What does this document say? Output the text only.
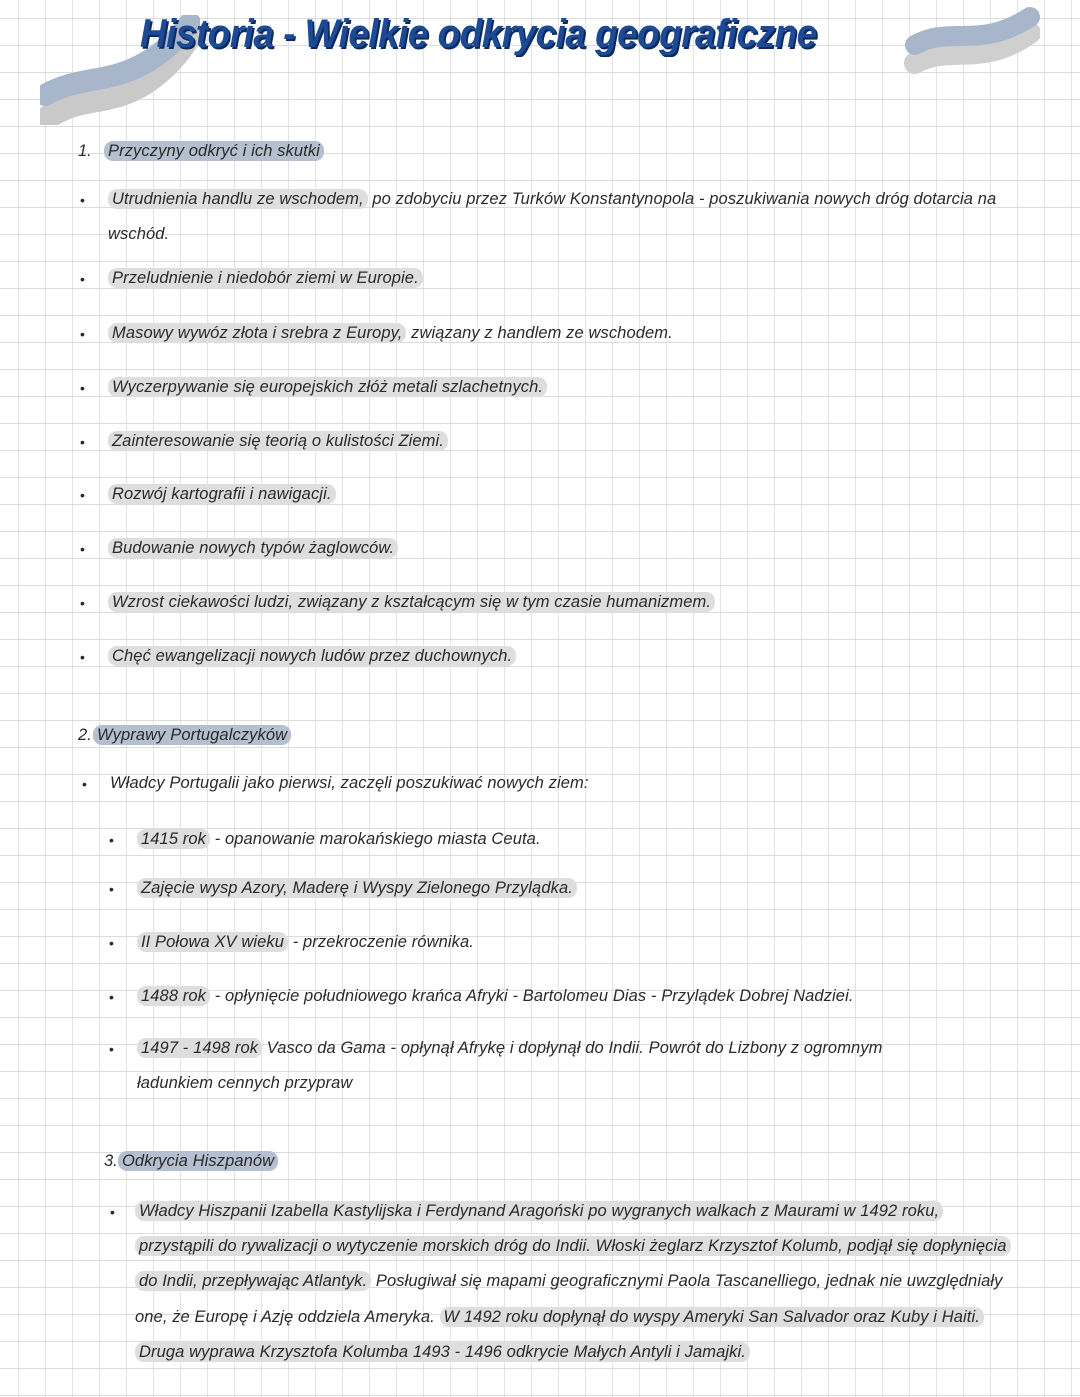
Historia - Wielkie odkrycia geograficzne
1. Przyczyny odkryć i ich skutki
2. Wyprawy Portugalczyków
• Władcy Portugalii jako pierwsi, zaczęli poszukiwać nowych ziem:
3. Odkrycia Hiszpanów
•
• Utrudnienia handlu ze wschodem, po zdobyciu przez Turków Konstantynopola - poszukiwania nowych dróg dotarcia na
wschód.
• Przeludnienie i niedobór ziemi w Europie.
• Masowy wywóz złota i srebra z Europy, związany z handlem ze wschodem.
• Wyczerpywanie się europejskich złóż metali szlachetnych.
• Zainteresowanie się teorią o kulistości Ziemi.
• Rozwój kartografii i nawigacji.
• Budowanie nowych typów żaglowców.
• Wzrost ciekawości ludzi, związany z kształcącym się w tym czasie humanizmem.
• Chęć ewangelizacji nowych ludów przez duchownych.
• 1415 rok - opanowanie marokańskiego miasta Ceuta.
• Zajęcie wysp Azory, Maderę i Wyspy Zielonego Przylądka.
• II Połowa XV wieku - przekroczenie równika.
• 1488 rok - opłynięcie południowego krańca Afryki - Bartolomeu Dias - Przylądek Dobrej Nadziei.
• 1497 - 1498 rok Vasco da Gama - opłynął Afrykę i dopłynął do Indii. Powrót do Lizbony z ogromnym
ładunkiem cennych przypraw
Władcy Hiszpanii Izabella Kastylijska i Ferdynand Aragoński po wygranych walkach z Maurami w 1492 roku,
przystąpili do rywalizacji o wytyczenie morskich dróg do Indii. Włoski żeglarz Krzysztof Kolumb, podjął się dopłynięcia
do Indii, przepływając Atlantyk. Posługiwał się mapami geograficznymi Paola Tascanelliego, jednak nie uwzględniały
one, że Europę i Azję oddziela Ameryka. W 1492 roku dopłynął do wyspy Ameryki San Salvador oraz Kuby i Haiti.
Druga wyprawa Krzysztofa Kolumba 1493 - 1496 odkrycie Małych Antyli i Jamajki.
